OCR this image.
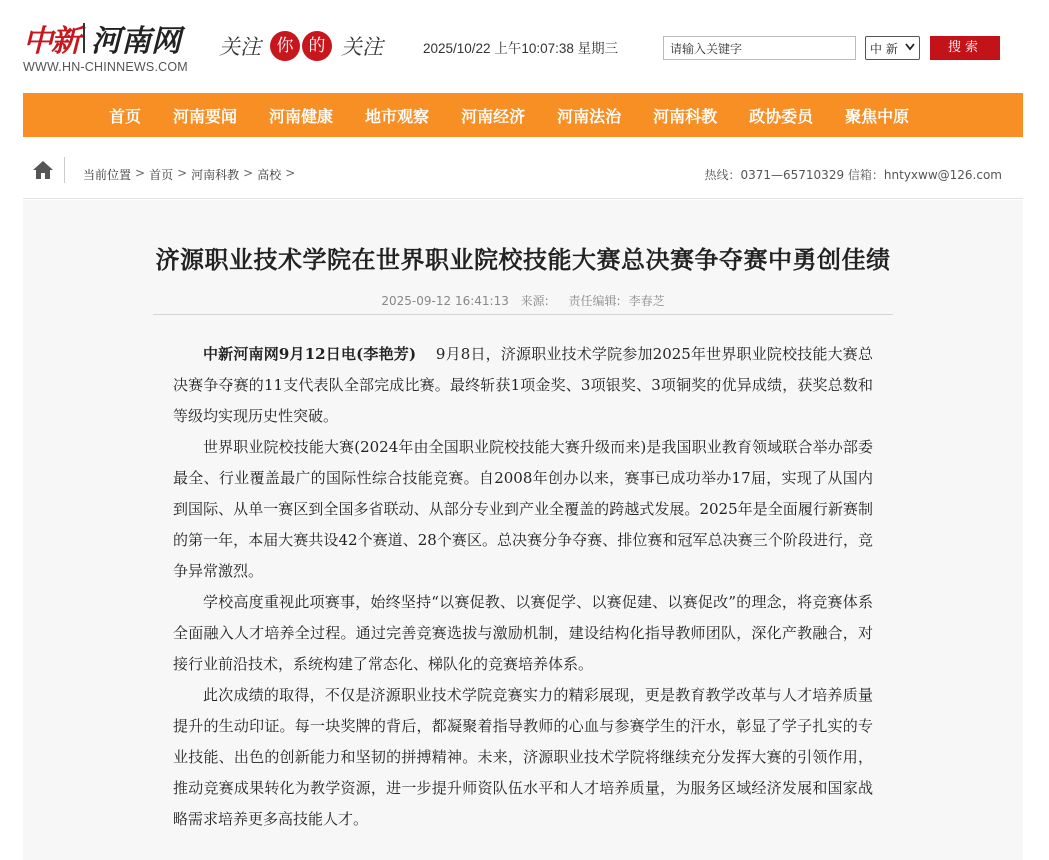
中新 河南网
WWW.HN-CHINNEWS.COM
关注 你 的 关注	2025/10/22 上午10:07:38 星期三
请输入关键字	中 新	搜索
首页 河南要闻 河南健康 地市观察 河南经济 河南法治 河南科教 政协委员 聚焦中原
当前位置 > 首页 > 河南科教 > 高校 >	热线：0371—65710329 信箱：hntyxww@126.com
济源职业技术学院在世界职业院校技能大赛总决赛争夺赛中勇创佳绩
2025-09-12 16:41:13 来源: 责任编辑: 李春芝

中新河南网9月12日电(李艳芳) 9月8日，济源职业技术学院参加2025年世界职业院校技能大赛总决赛争夺赛的11支代表队全部完成比赛。最终斩获1项金奖、3项银奖、3项铜奖的优异成绩，获奖总数和等级均实现历史性突破。

世界职业院校技能大赛(2024年由全国职业院校技能大赛升级而来)是我国职业教育领域联合举办部委最全、行业覆盖最广的国际性综合技能竞赛。自2008年创办以来，赛事已成功举办17届，实现了从国内到国际、从单一赛区到全国多省联动、从部分专业到产业全覆盖的跨越式发展。2025年是全面履行新赛制的第一年，本届大赛共设42个赛道、28个赛区。总决赛分争夺赛、排位赛和冠军总决赛三个阶段进行，竞争异常激烈。

学校高度重视此项赛事，始终坚持“以赛促教、以赛促学、以赛促建、以赛促改”的理念，将竞赛体系全面融入人才培养全过程。通过完善竞赛选拔与激励机制，建设结构化指导教师团队，深化产教融合，对接行业前沿技术，系统构建了常态化、梯队化的竞赛培养体系。

此次成绩的取得，不仅是济源职业技术学院竞赛实力的精彩展现，更是教育教学改革与人才培养质量提升的生动印证。每一块奖牌的背后，都凝聚着指导教师的心血与参赛学生的汗水，彰显了学子扎实的专业技能、出色的创新能力和坚韧的拼搏精神。未来，济源职业技术学院将继续充分发挥大赛的引领作用，推动竞赛成果转化为教学资源，进一步提升师资队伍水平和人才培养质量，为服务区域经济发展和国家战略需求培养更多高技能人才。
